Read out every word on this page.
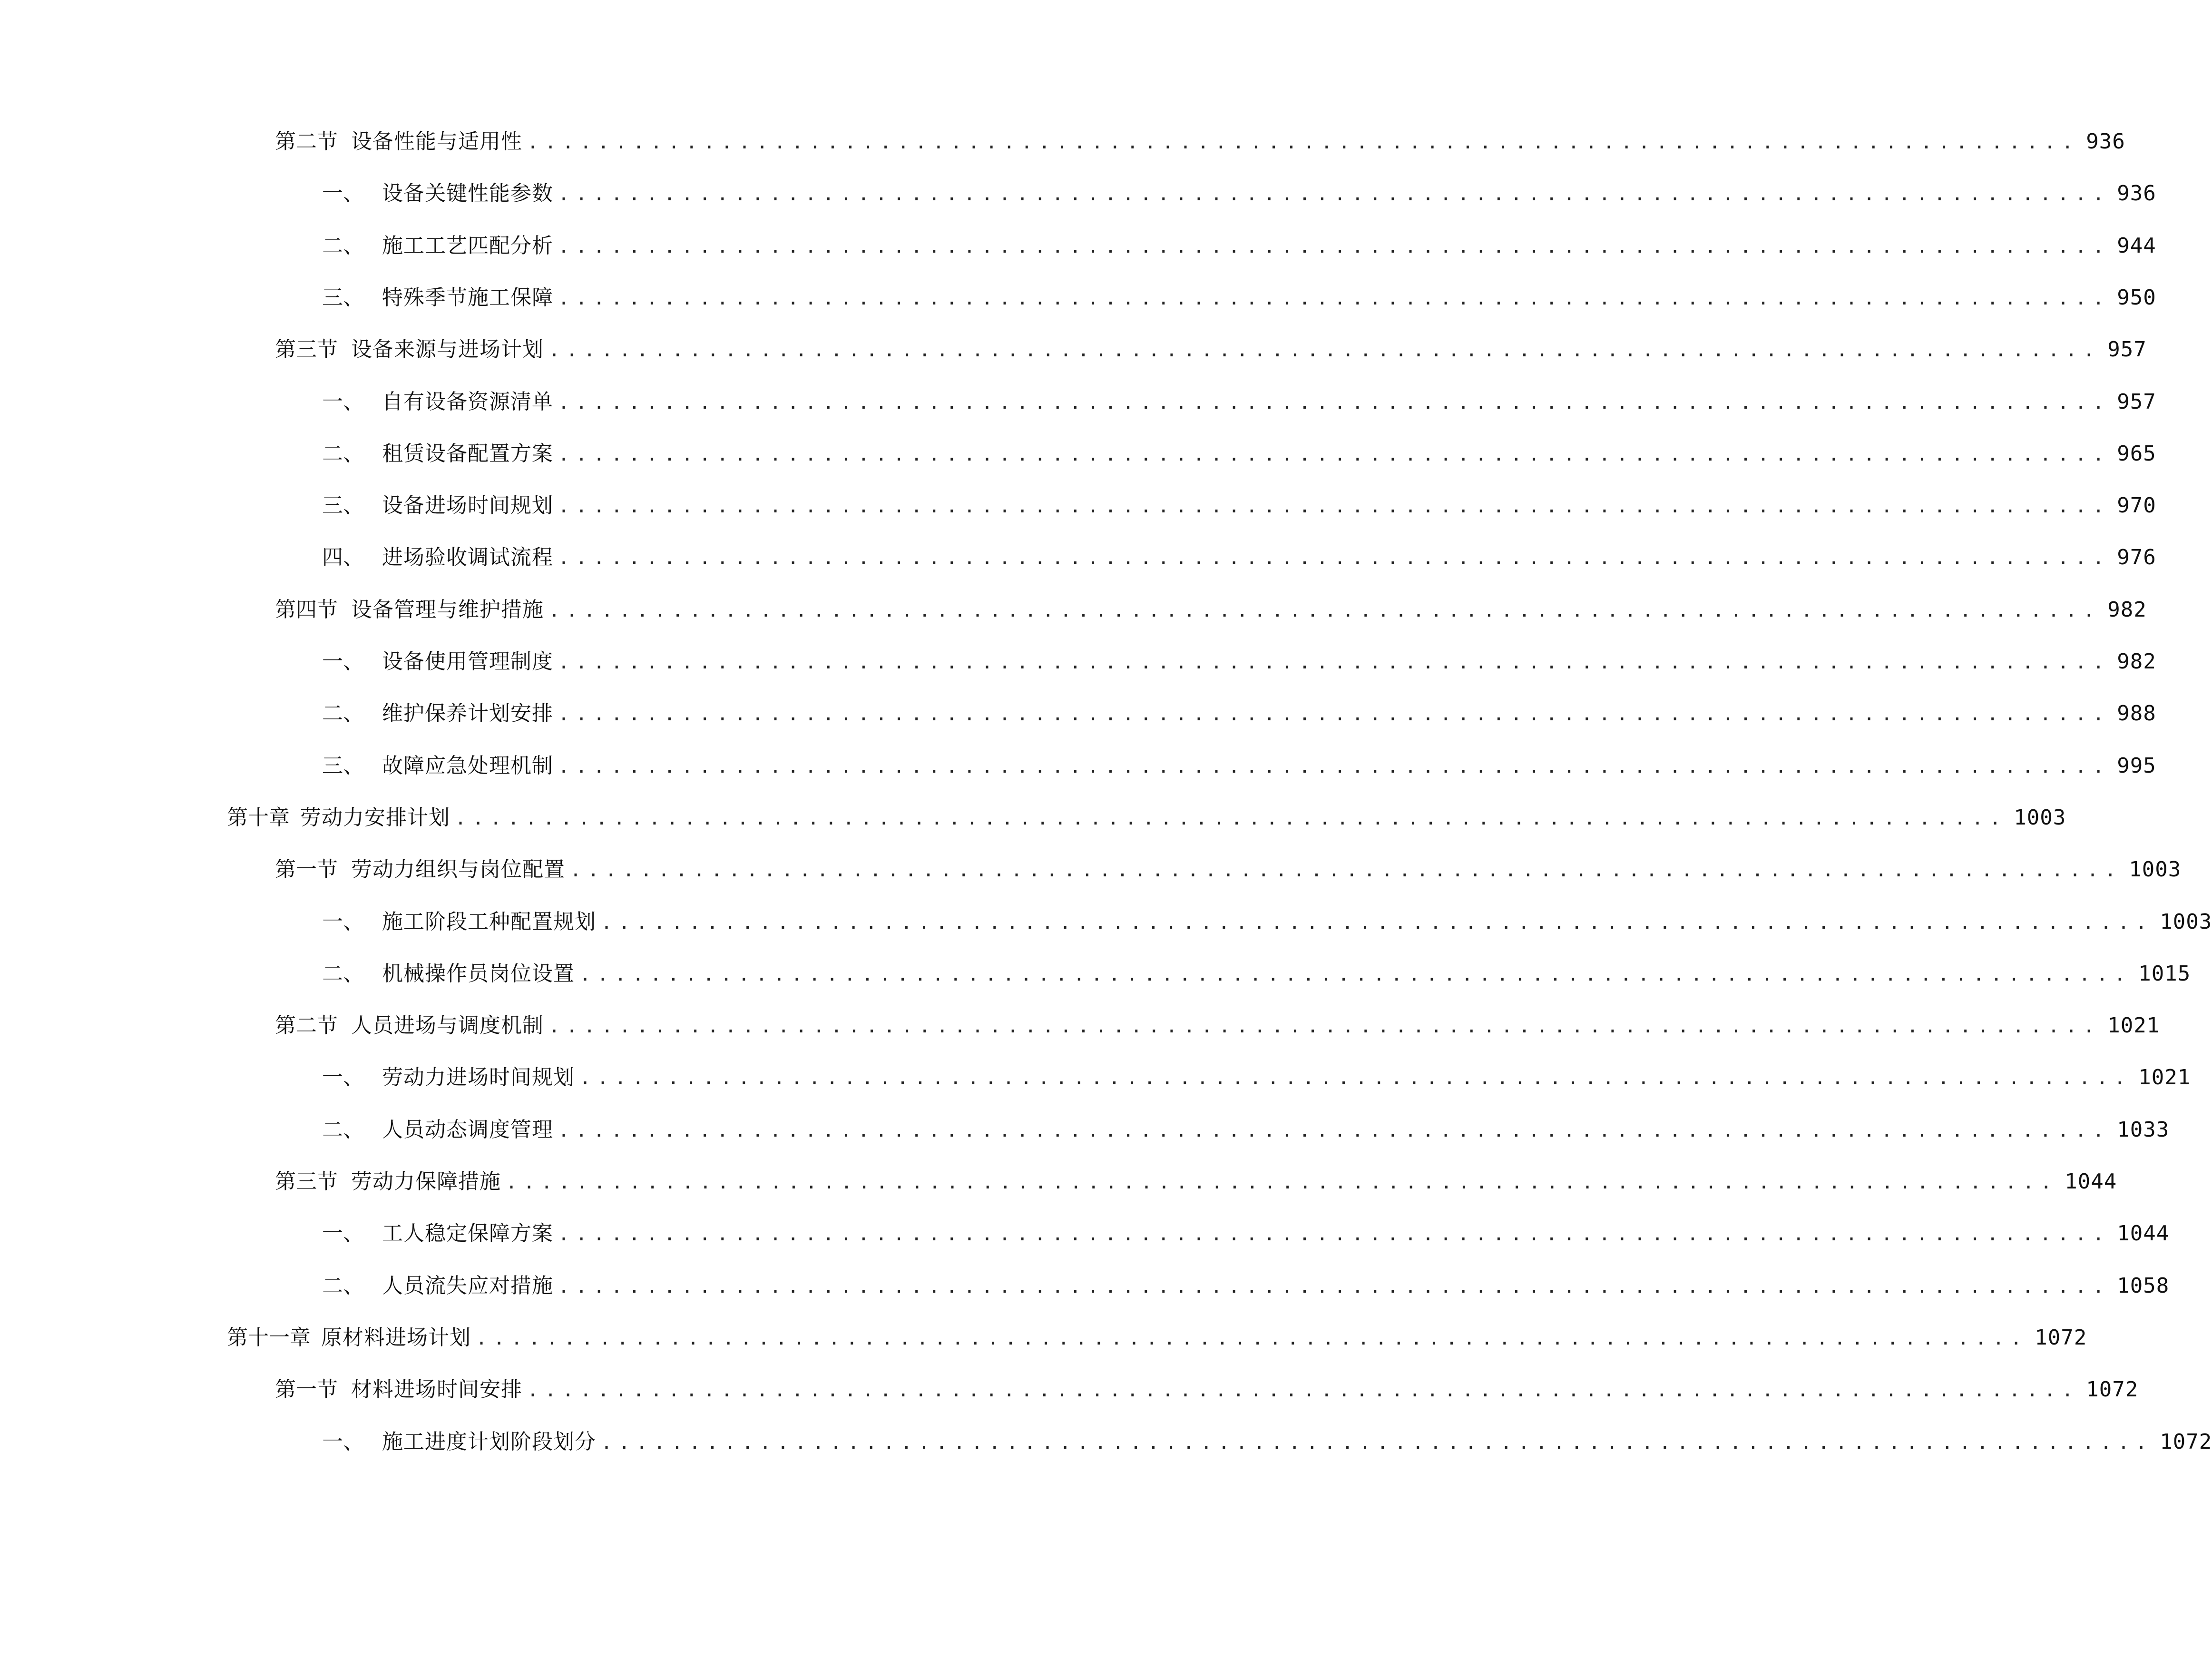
第二节 设备性能与适用性 ........................................................................................ 936
一、 设备关键性能参数 ........................................................................................ 936
二、 施工工艺匹配分析 ........................................................................................ 944
三、 特殊季节施工保障 ........................................................................................ 950
第三节 设备来源与进场计划 ........................................................................................ 957
一、 自有设备资源清单 ........................................................................................ 957
二、 租赁设备配置方案 ........................................................................................ 965
三、 设备进场时间规划 ........................................................................................ 970
四、 进场验收调试流程 ........................................................................................ 976
第四节 设备管理与维护措施 ........................................................................................ 982
一、 设备使用管理制度 ........................................................................................ 982
二、 维护保养计划安排 ........................................................................................ 988
三、 故障应急处理机制 ........................................................................................ 995
第十章 劳动力安排计划 ........................................................................................ 1003
第一节 劳动力组织与岗位配置 ........................................................................................ 1003
一、 施工阶段工种配置规划 ........................................................................................ 1003
二、 机械操作员岗位设置 ........................................................................................ 1015
第二节 人员进场与调度机制 ........................................................................................ 1021
一、 劳动力进场时间规划 ........................................................................................ 1021
二、 人员动态调度管理 ........................................................................................ 1033
第三节 劳动力保障措施 ........................................................................................ 1044
一、 工人稳定保障方案 ........................................................................................ 1044
二、 人员流失应对措施 ........................................................................................ 1058
第十一章 原材料进场计划 ........................................................................................ 1072
第一节 材料进场时间安排 ........................................................................................ 1072
一、 施工进度计划阶段划分 ........................................................................................ 1072
